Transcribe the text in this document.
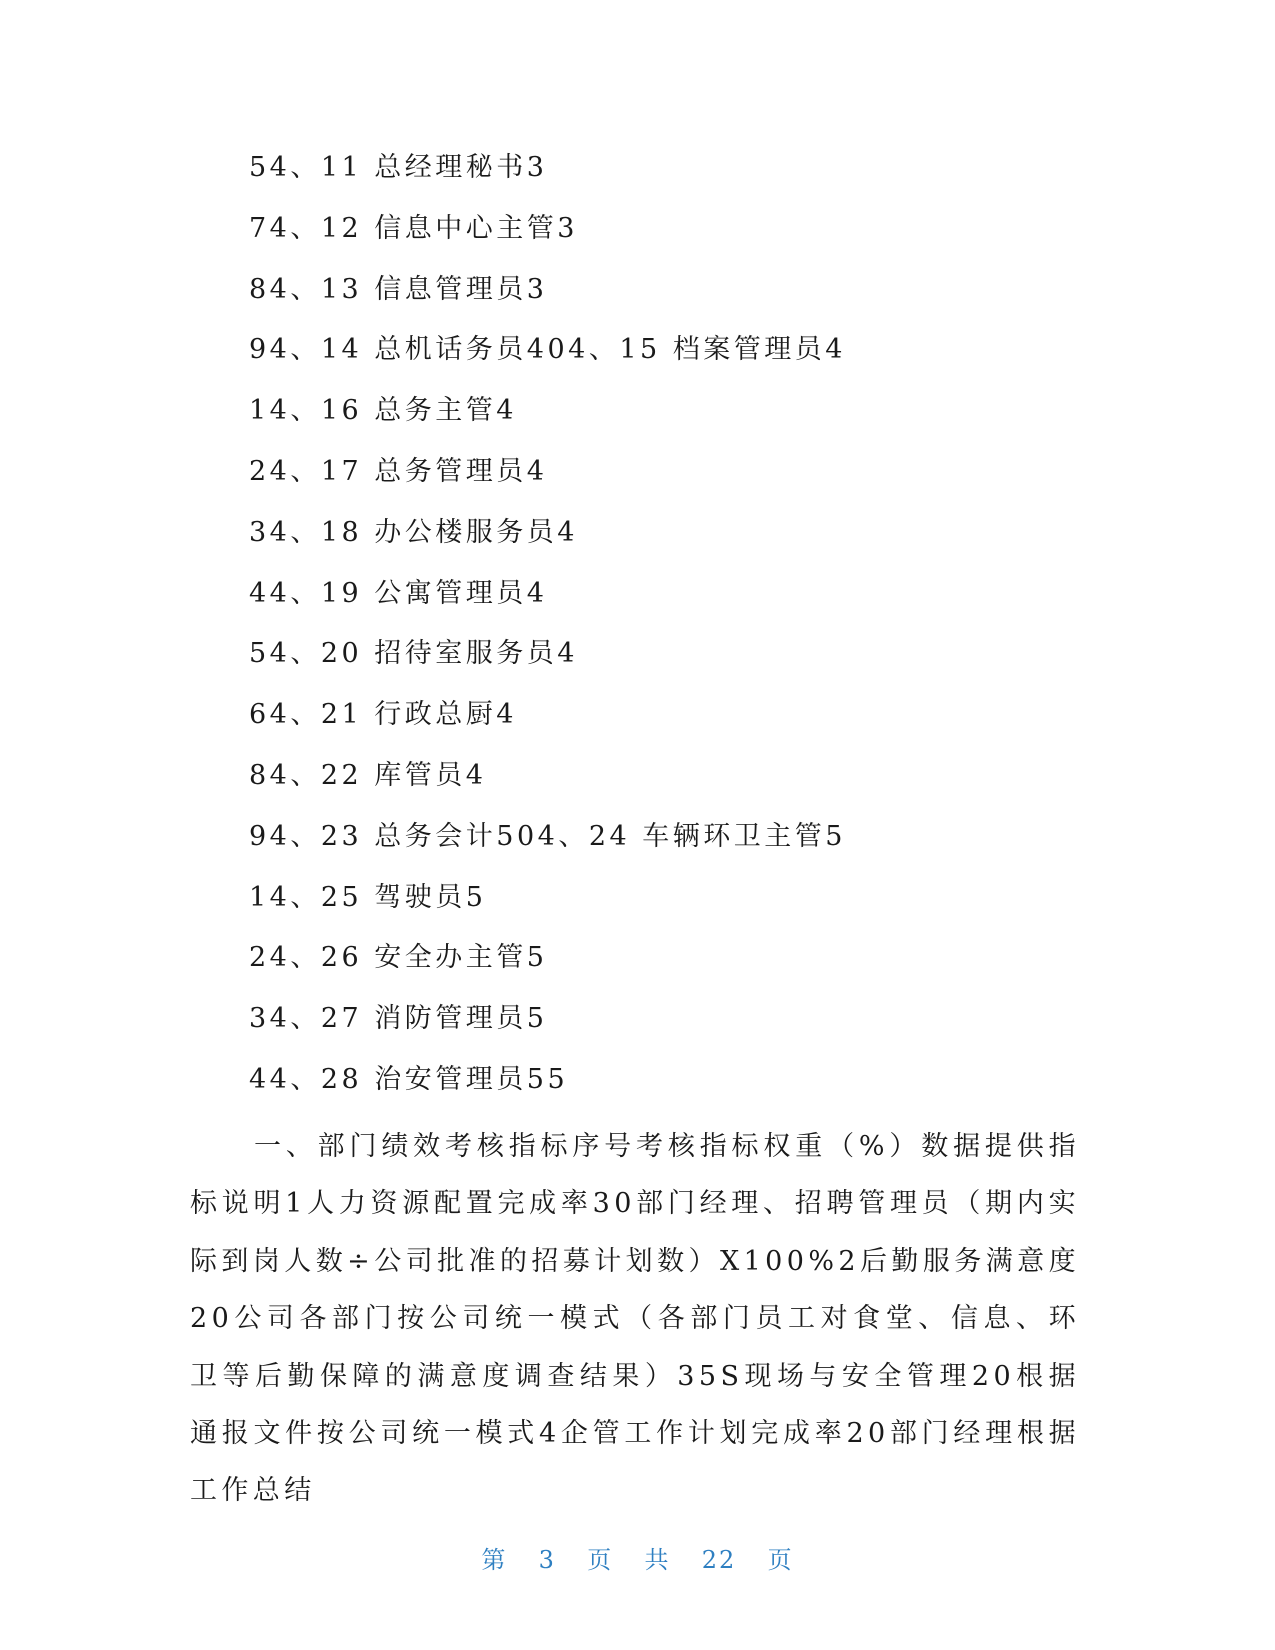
54、11 总经理秘书3
74、12 信息中心主管3
84、13 信息管理员3
94、14 总机话务员404、15 档案管理员4
14、16 总务主管4
24、17 总务管理员4
34、18 办公楼服务员4
44、19 公寓管理员4
54、20 招待室服务员4
64、21 行政总厨4
84、22 库管员4
94、23 总务会计504、24 车辆环卫主管5
14、25 驾驶员5
24、26 安全办主管5
34、27 消防管理员5
44、28 治安管理员55

一、部门绩效考核指标序号考核指标权重（%）数据提供指标说明1人力资源配置完成率30部门经理、招聘管理员（期内实际到岗人数÷公司批准的招募计划数）X100%2后勤服务满意度20公司各部门按公司统一模式（各部门员工对食堂、信息、环卫等后勤保障的满意度调查结果）35S现场与安全管理20根据通报文件按公司统一模式4企管工作计划完成率20部门经理根据工作总结

第 3 页 共 22 页
